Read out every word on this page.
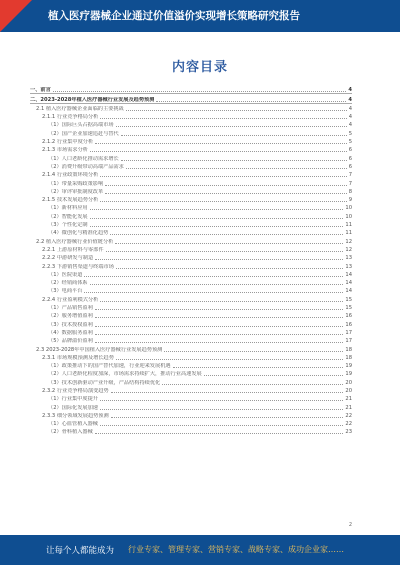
植入医疗器械企业通过价值溢价实现增长策略研究报告
内容目录
一、前言	4
二、2023-2028年植入医疗器械行业发展及趋势预测	4
2.1 植入医疗器械企业面临的主要挑战	4
2.1.1 行业竞争格局分析	4
（1）国际巨头占据高端市场	4
（2）国产企业加速追赶与替代	5
2.1.2 行业集中度分析	5
2.1.3 市场需求分析	6
（1）人口老龄化推动需求增长	6
（2）消费升级带动高端产品需求	6
2.1.4 行业政策环境分析	7
（1）带量采购政策影响	7
（2）审评审批制度改革	8
2.1.5 技术发展趋势分析	9
（1）新材料应用	10
（2）智能化发展	10
（3）个性化定制	11
（4）微创化与精准化趋势	11
2.2 植入医疗器械行业价值链分析	12
2.2.1 上游原材料与零部件	12
2.2.2 中游研发与制造	13
2.2.3 下游销售渠道与终端市场	13
（1）医院渠道	14
（2）经销商体系	14
（3）电商平台	14
2.2.4 行业盈利模式分析	15
（1）产品销售盈利	15
（2）服务增值盈利	16
（3）技术授权盈利	16
（4）数据服务盈利	17
（5）品牌溢价盈利	17
2.3 2023-2028年中国植入医疗器械行业发展趋势预测	18
2.3.1 市场规模预测及增长趋势	18
（1）政策推动下的国产替代加速，行业迎来发展机遇	19
（2）人口老龄化程度加深，市场需求持续扩大，推动行业高速发展	19
（3）技术创新驱动产业升级，产品结构持续优化	20
2.3.2 行业竞争格局演变趋势	20
（1）行业集中度提升	21
（2）国际化发展加速	21
2.3.3 细分领域发展趋势预测	22
（1）心血管植入器械	22
（2）骨科植入器械	23
2
让每个人都能成为 行业专家、管理专家、营销专家、战略专家、成功企业家……
